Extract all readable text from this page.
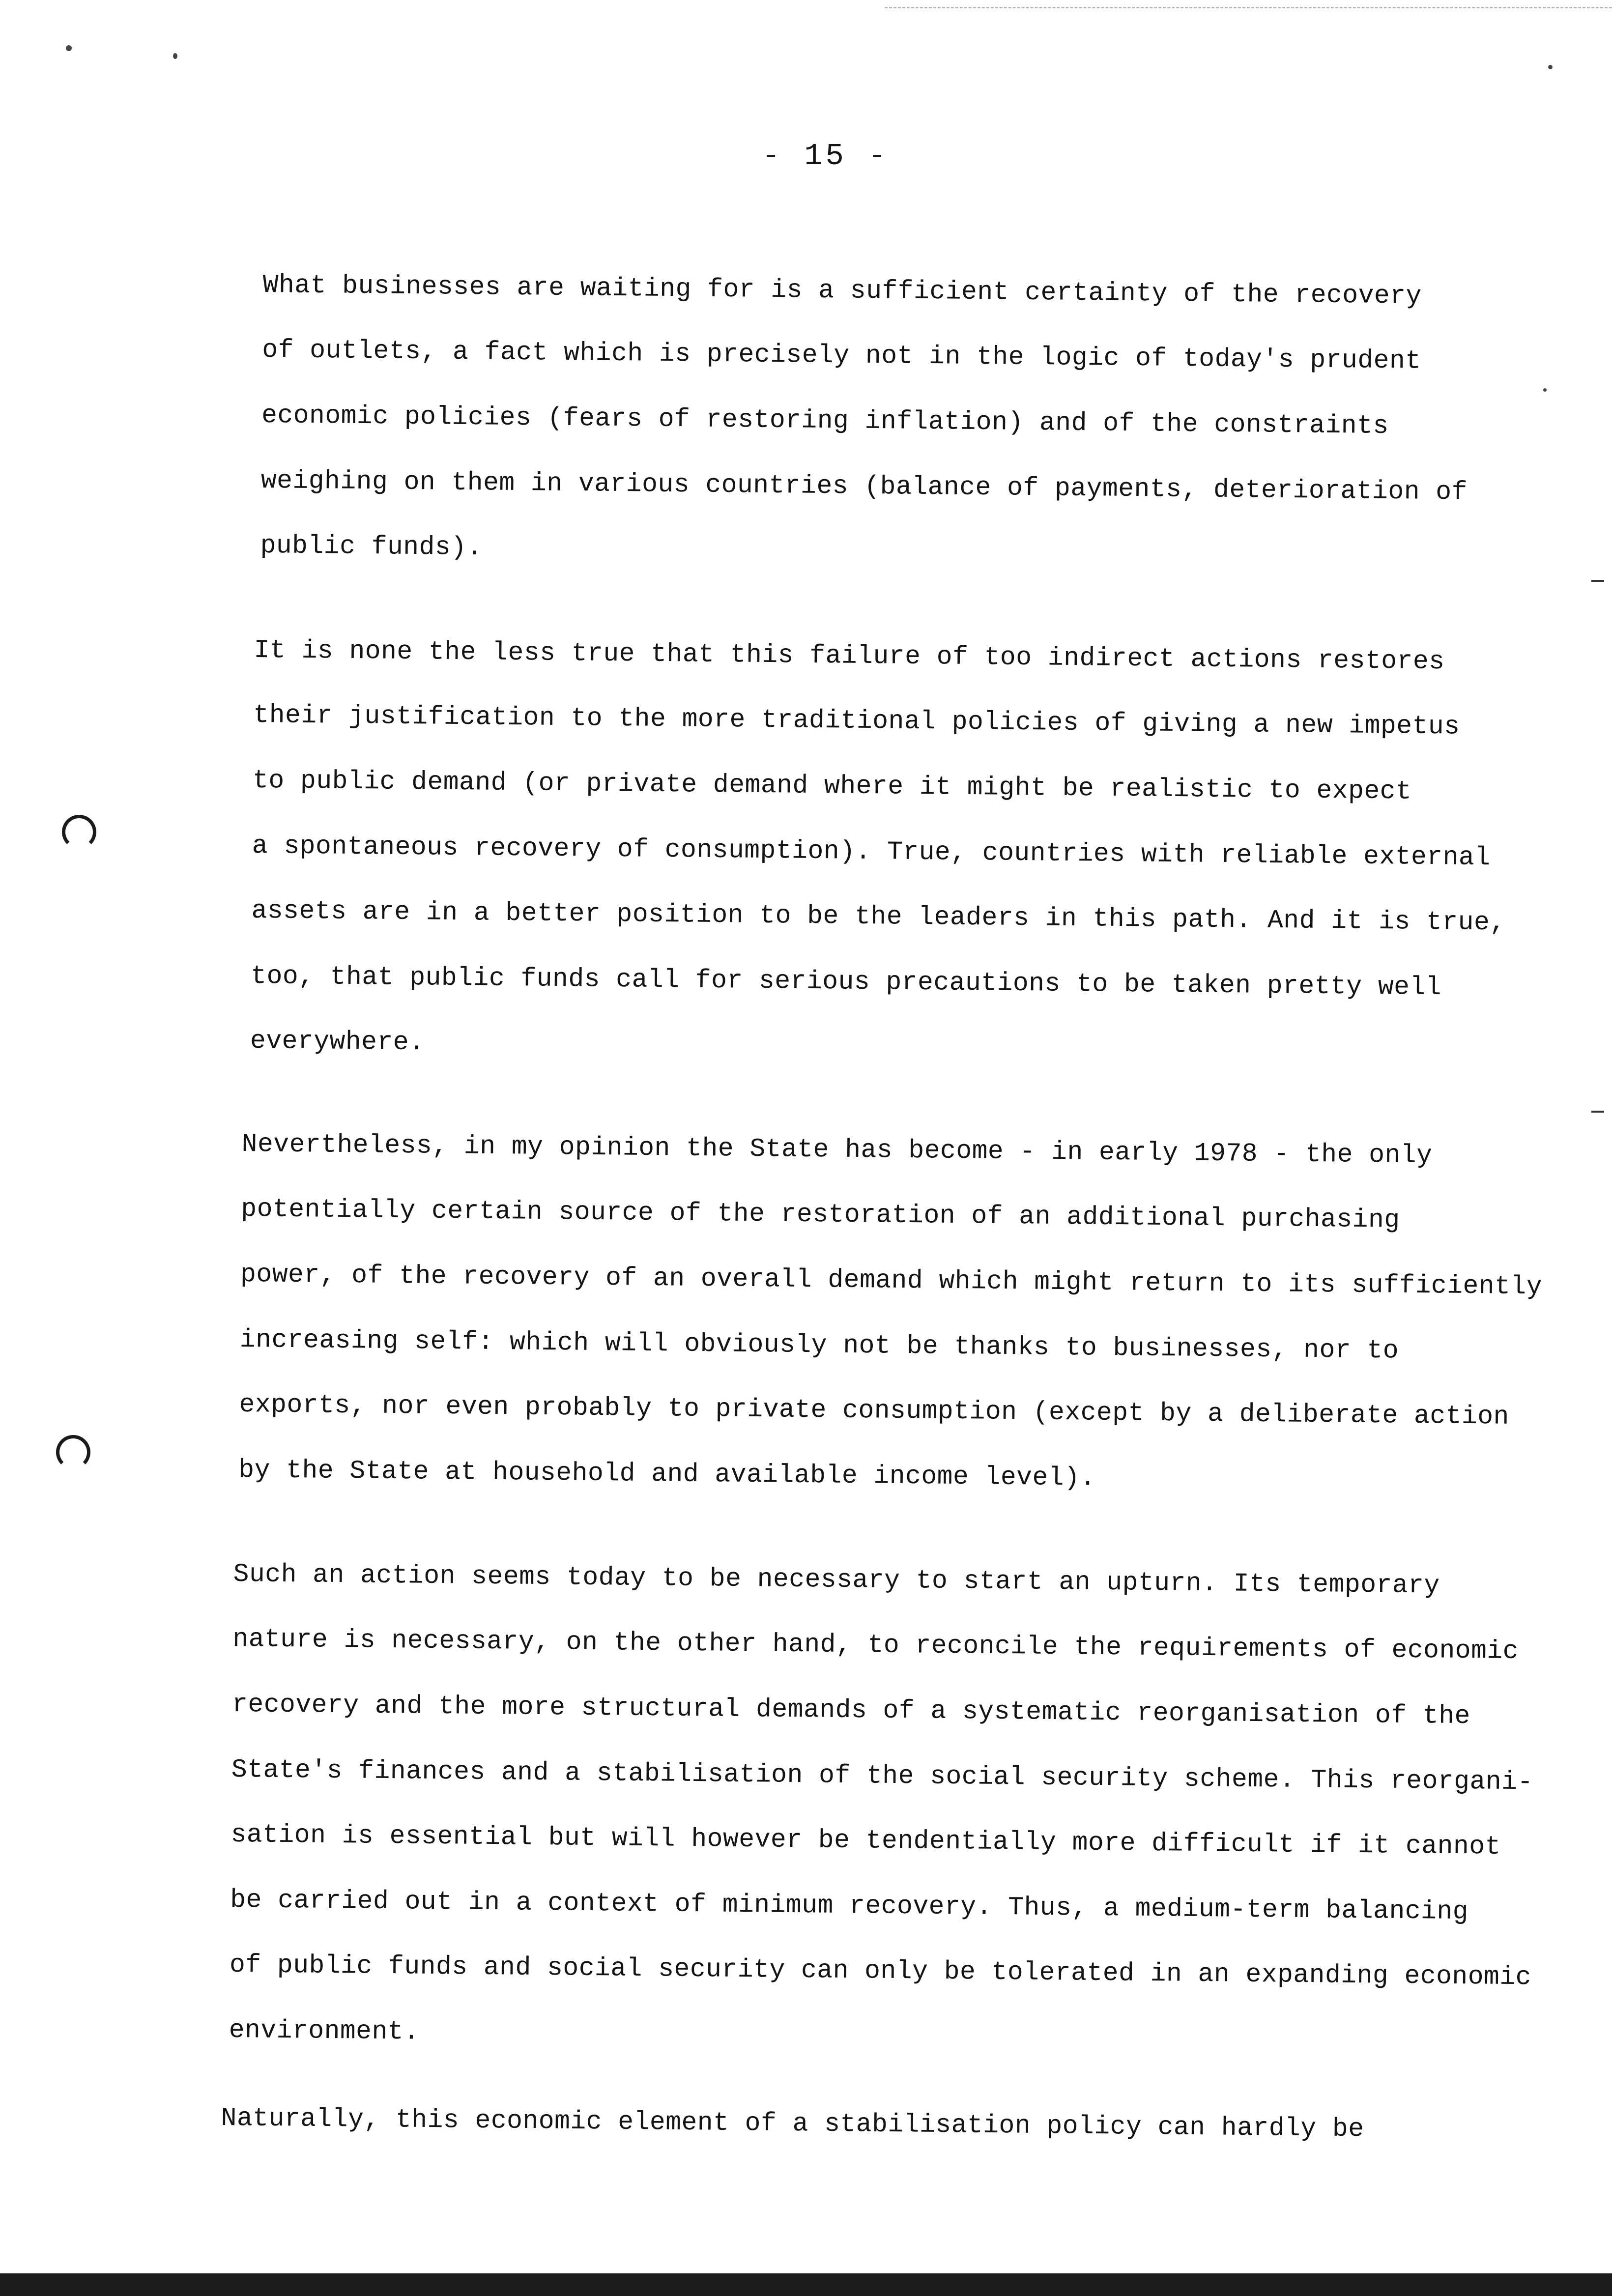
- 15 -
What businesses are waiting for is a sufficient certainty of the recovery
of outlets, a fact which is precisely not in the logic of today's prudent
economic policies (fears of restoring inflation) and of the constraints
weighing on them in various countries (balance of payments, deterioration of
public funds).
It is none the less true that this failure of too indirect actions restores
their justification to the more traditional policies of giving a new impetus
to public demand (or private demand where it might be realistic to expect
a spontaneous recovery of consumption). True, countries with reliable external
assets are in a better position to be the leaders in this path. And it is true,
too, that public funds call for serious precautions to be taken pretty well
everywhere.
Nevertheless, in my opinion the State has become - in early 1978 - the only
potentially certain source of the restoration of an additional purchasing
power, of the recovery of an overall demand which might return to its sufficiently
increasing self: which will obviously not be thanks to businesses, nor to
exports, nor even probably to private consumption (except by a deliberate action
by the State at household and available income level).
Such an action seems today to be necessary to start an upturn. Its temporary
nature is necessary, on the other hand, to reconcile the requirements of economic
recovery and the more structural demands of a systematic reorganisation of the
State's finances and a stabilisation of the social security scheme. This reorgani-
sation is essential but will however be tendentially more difficult if it cannot
be carried out in a context of minimum recovery. Thus, a medium-term balancing
of public funds and social security can only be tolerated in an expanding economic
environment.
Naturally, this economic element of a stabilisation policy can hardly be
